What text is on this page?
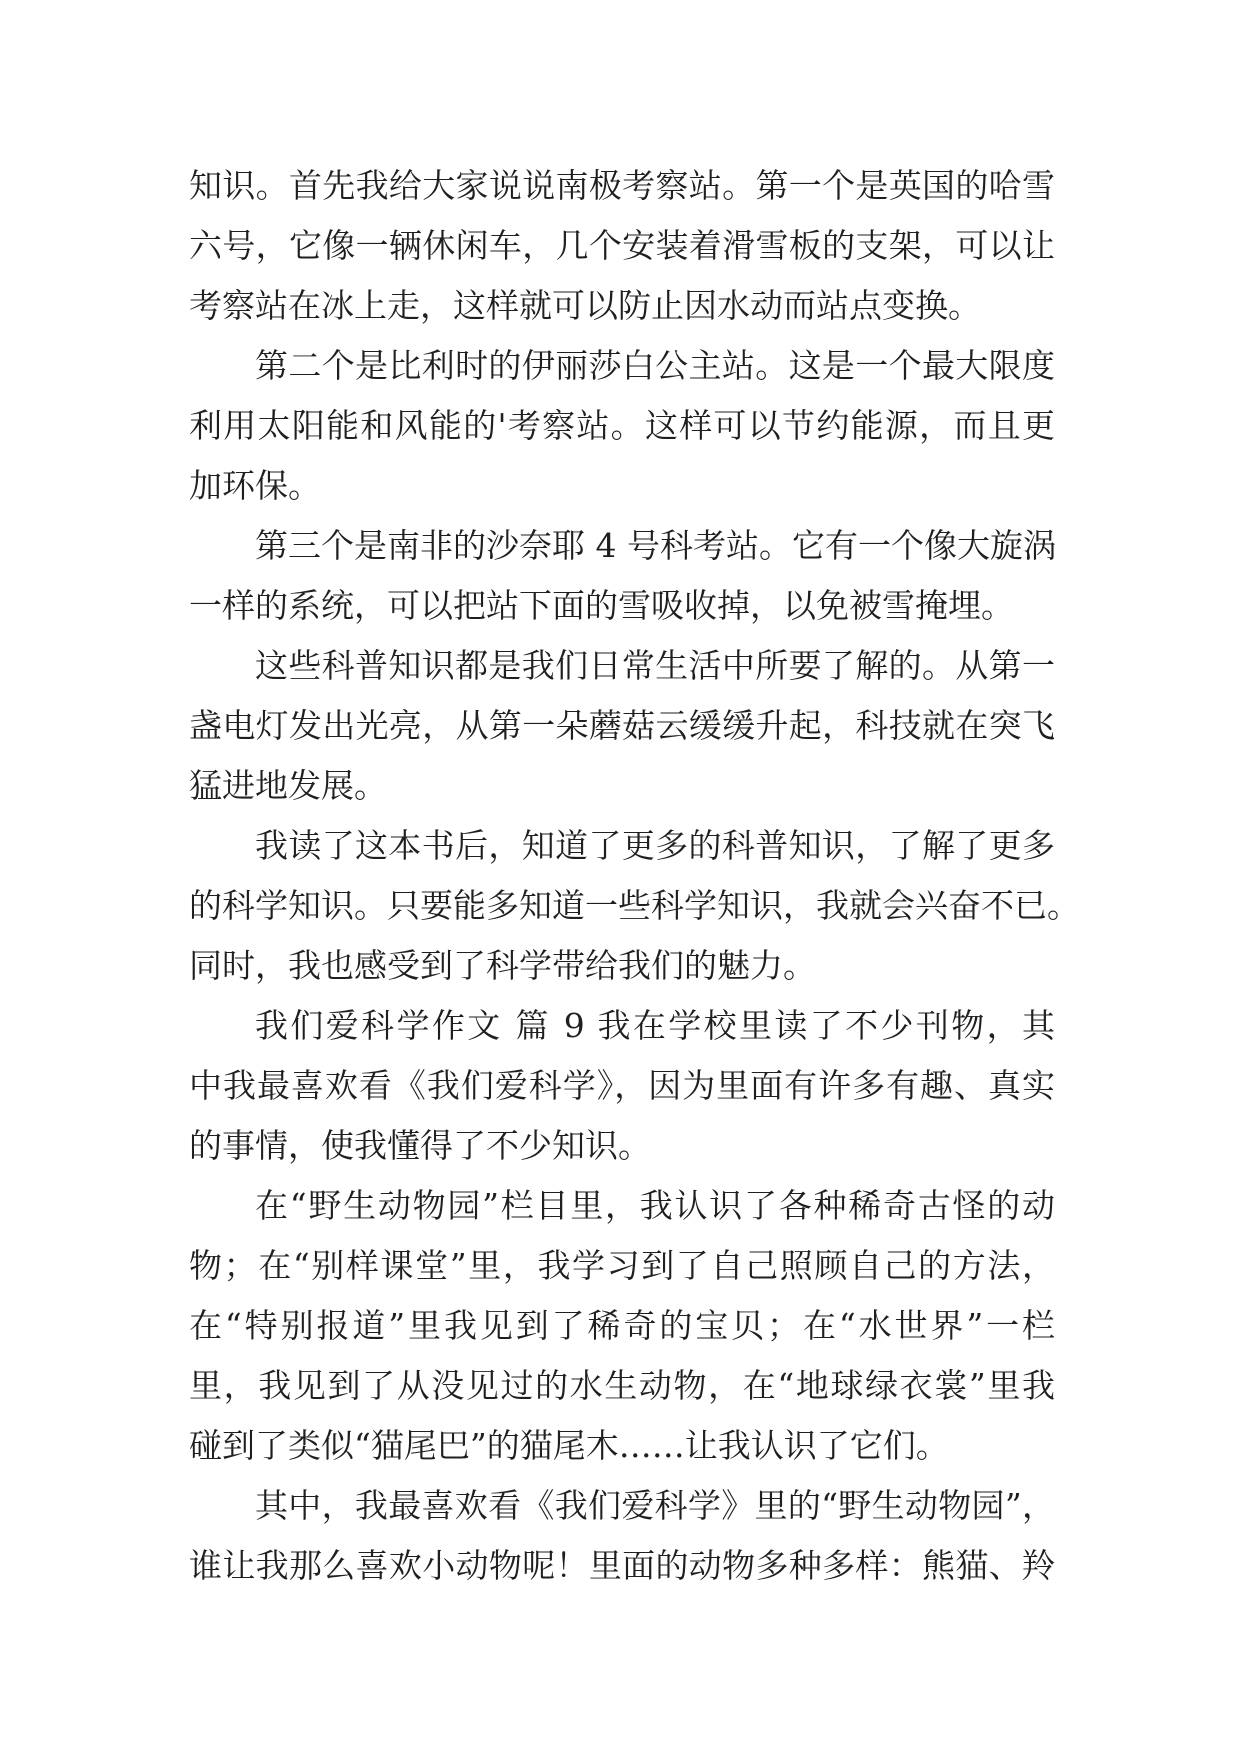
知识。首先我给大家说说南极考察站。第一个是英国的哈雪
六号，它像一辆休闲车，几个安装着滑雪板的支架，可以让
考察站在冰上走，这样就可以防止因水动而站点变换。
第二个是比利时的伊丽莎白公主站。这是一个最大限度
利用太阳能和风能的'考察站。这样可以节约能源，而且更
加环保。
第三个是南非的沙奈耶 4 号科考站。它有一个像大旋涡
一样的系统，可以把站下面的雪吸收掉，以免被雪掩埋。
这些科普知识都是我们日常生活中所要了解的。从第一
盏电灯发出光亮，从第一朵蘑菇云缓缓升起，科技就在突飞
猛进地发展。
我读了这本书后，知道了更多的科普知识，了解了更多
的科学知识。只要能多知道一些科学知识，我就会兴奋不已。
同时，我也感受到了科学带给我们的魅力。
我们爱科学作文 篇 9 我在学校里读了不少刊物，其
中我最喜欢看《我们爱科学》，因为里面有许多有趣、真实
的事情，使我懂得了不少知识。
在“野生动物园”栏目里，我认识了各种稀奇古怪的动
物；在“别样课堂”里，我学习到了自己照顾自己的方法，
在“特别报道”里我见到了稀奇的宝贝；在“水世界”一栏
里，我见到了从没见过的水生动物，在“地球绿衣裳”里我
碰到了类似“猫尾巴”的猫尾木……让我认识了它们。
其中，我最喜欢看《我们爱科学》里的“野生动物园”，
谁让我那么喜欢小动物呢！里面的动物多种多样：熊猫、羚
